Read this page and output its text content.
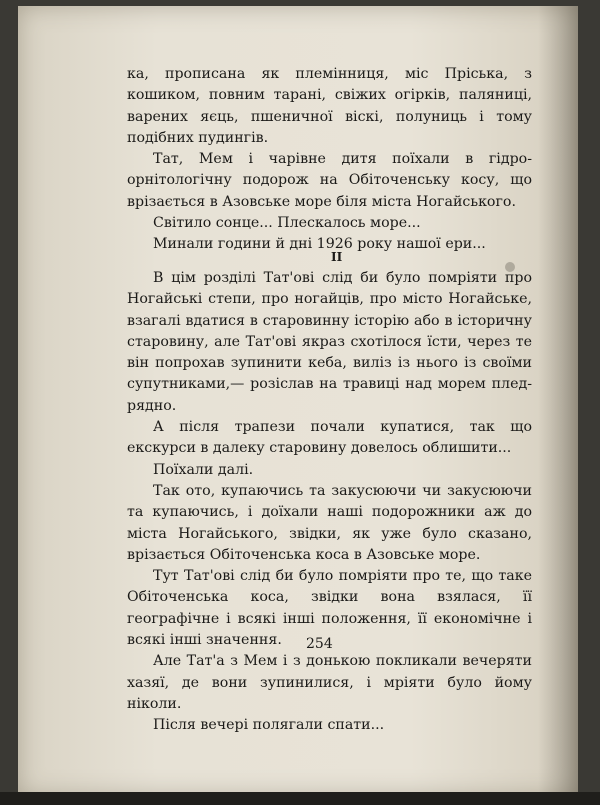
ка, прописана як племінниця, міс Пріська, з кошиком, повним тарані, свіжих огірків, паляниці, варених яєць, пшеничної віскі, полуниць і тому подібних пудингів.

Тат, Мем і чарівне дитя поїхали в гідро-орнітологічну подорож на Обіточенську косу, що врізається в Азовське море біля міста Ногайського.

Світило сонце... Плескалось море...

Минали години й дні 1926 року нашої ери...

II

В цім розділі Тат'ові слід би було помріяти про Ногайські степи, про ногайців, про місто Ногайське, взагалі вдатися в старовинну історію або в історичну старовину, але Тат'ові якраз схотілося їсти, через те він попрохав зупинити кеба, виліз із нього із своїми супутниками,— розіслав на травиці над морем плед-рядно.

А після трапези почали купатися, так що екскурси в далеку старовину довелось облишити...

Поїхали далі.

Так ото, купаючись та закусюючи чи закусюючи та купаючись, і доїхали наші подорожники аж до міста Ногайського, звідки, як уже було сказано, врізається Обіточенська коса в Азовське море.

Тут Тат'ові слід би було помріяти про те, що таке Обіточенська коса, звідки вона взялася, її географічне і всякі інші положення, її економічне і всякі інші значення.

Але Тат'а з Мем і з донькою покликали вечеряти хазяї, де вони зупинилися, і мріяти було йому ніколи.

Після вечері полягали спати...

254
